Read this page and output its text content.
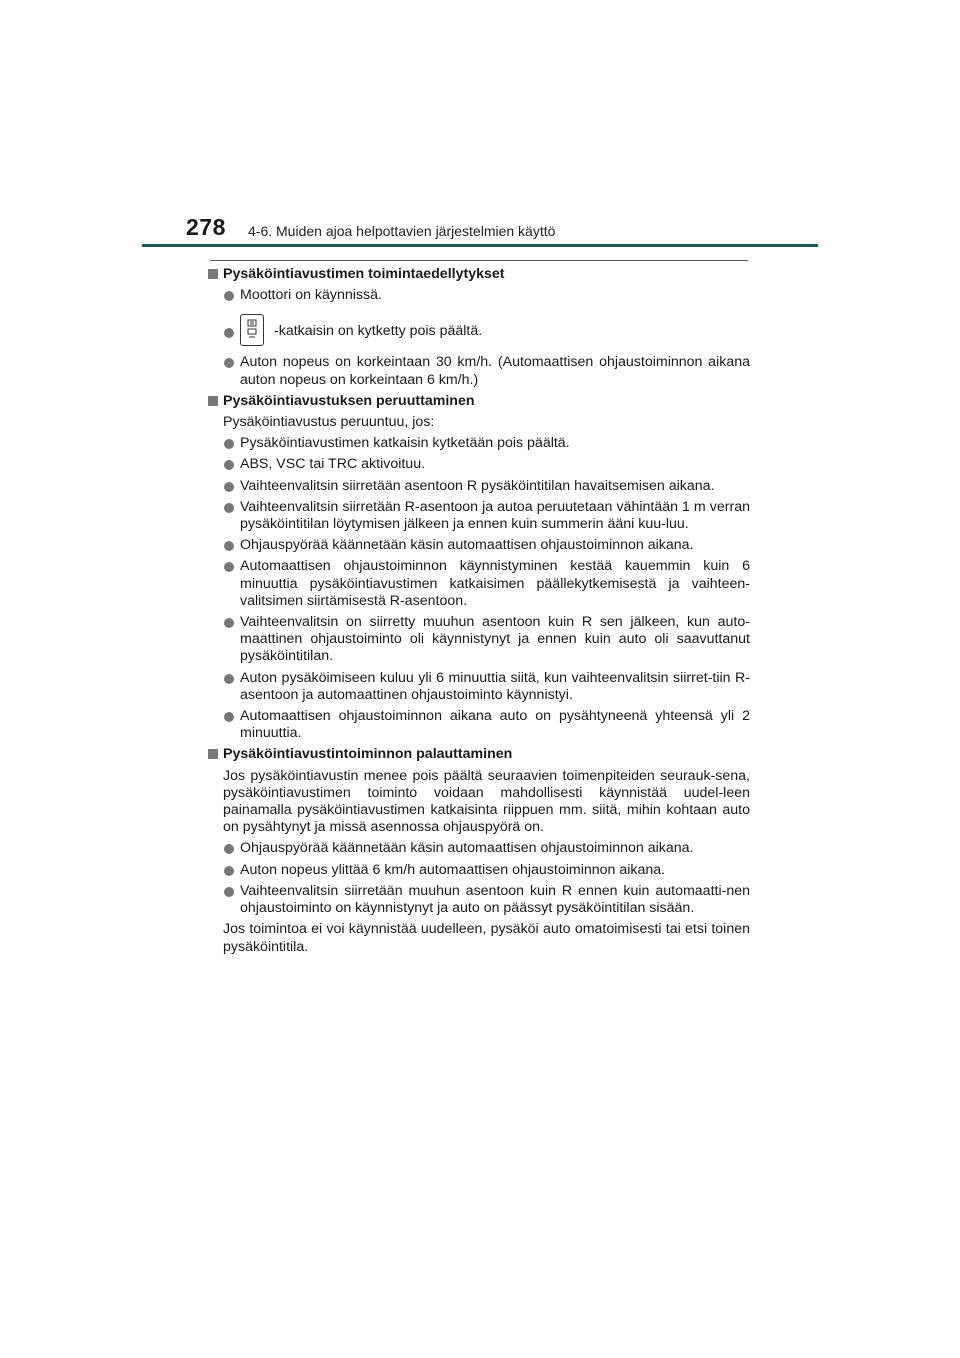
278 4-6. Muiden ajoa helpottavien järjestelmien käyttö
Pysäköintiavustimen toimintaedellytykset
Moottori on käynnissä.
-katkaisin on kytketty pois päältä.
Auton nopeus on korkeintaan 30 km/h. (Automaattisen ohjaustoiminnon aikana auton nopeus on korkeintaan 6 km/h.)
Pysäköintiavustuksen peruuttaminen
Pysäköintiavustus peruuntuu, jos:
Pysäköintiavustimen katkaisin kytketään pois päältä.
ABS, VSC tai TRC aktivoituu.
Vaihteenvalitsin siirretään asentoon R pysäköintitilan havaitsemisen aikana.
Vaihteenvalitsin siirretään R-asentoon ja autoa peruutetaan vähintään 1 m verran pysäköintitilan löytymisen jälkeen ja ennen kuin summerin ääni kuu-luu.
Ohjauspyörää käännetään käsin automaattisen ohjaustoiminnon aikana.
Automaattisen ohjaustoiminnon käynnistyminen kestää kauemmin kuin 6 minuuttia pysäköintiavustimen katkaisimen päällekytkemisestä ja vaihteen-valitsimen siirtämisestä R-asentoon.
Vaihteenvalitsin on siirretty muuhun asentoon kuin R sen jälkeen, kun auto-maattinen ohjaustoiminto oli käynnistynyt ja ennen kuin auto oli saavuttanut pysäköintitilan.
Auton pysäköimiseen kuluu yli 6 minuuttia siitä, kun vaihteenvalitsin siirret-tiin R-asentoon ja automaattinen ohjaustoiminto käynnistyi.
Automaattisen ohjaustoiminnon aikana auto on pysähtyneenä yhteensä yli 2 minuuttia.
Pysäköintiavustintoiminnon palauttaminen
Jos pysäköintiavustin menee pois päältä seuraavien toimenpiteiden seurauk-sena, pysäköintiavustimen toiminto voidaan mahdollisesti käynnistää uudel-leen painamalla pysäköintiavustimen katkaisinta riippuen mm. siitä, mihin kohtaan auto on pysähtynyt ja missä asennossa ohjauspyörä on.
Ohjauspyörää käännetään käsin automaattisen ohjaustoiminnon aikana.
Auton nopeus ylittää 6 km/h automaattisen ohjaustoiminnon aikana.
Vaihteenvalitsin siirretään muuhun asentoon kuin R ennen kuin automaatti-nen ohjaustoiminto on käynnistynyt ja auto on päässyt pysäköintitilan sisään.
Jos toimintoa ei voi käynnistää uudelleen, pysäköi auto omatoimisesti tai etsi toinen pysäköintitila.
